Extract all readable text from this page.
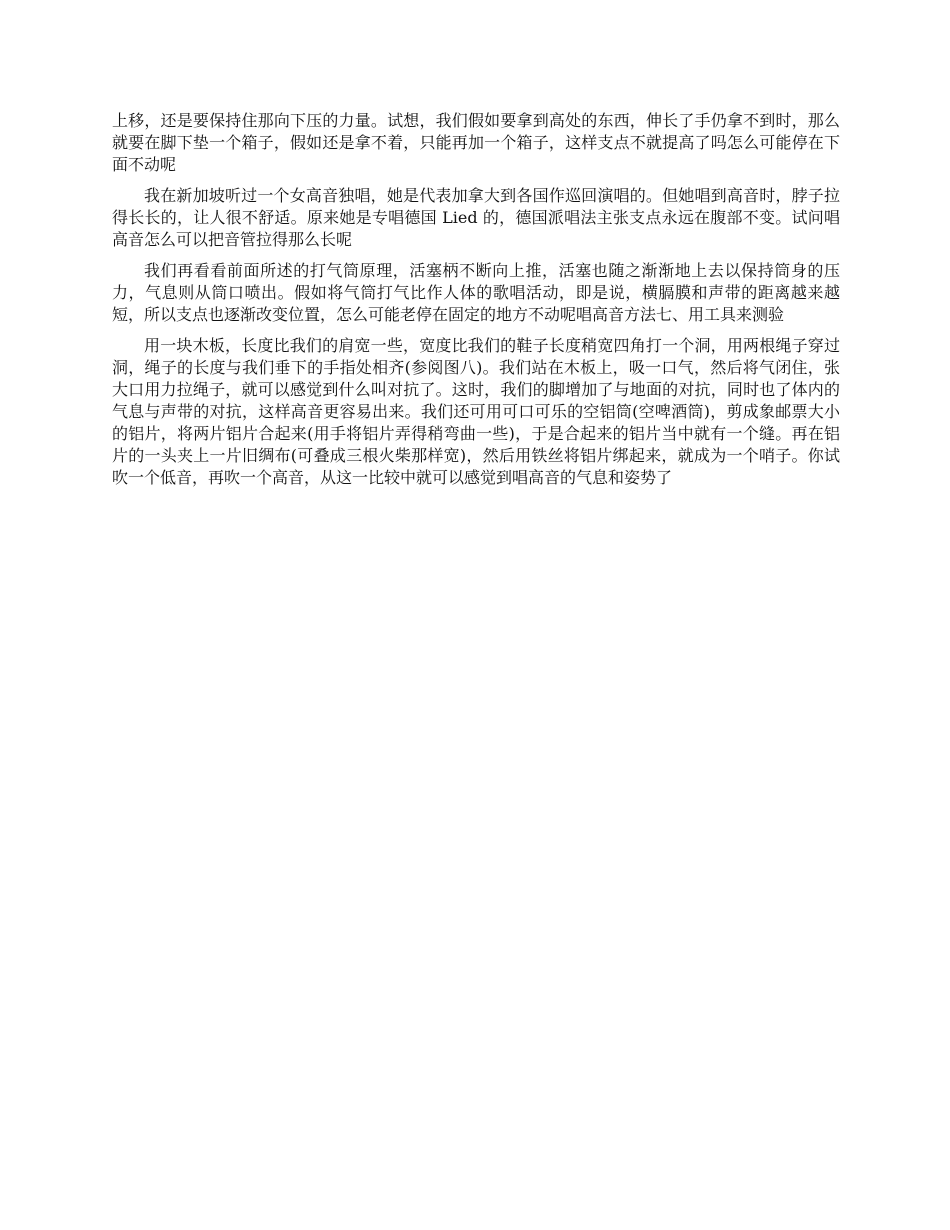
上移，还是要保持住那向下压的力量。试想，我们假如要拿到高处的东西，伸长了手仍拿不到时，那么就要在脚下垫一个箱子，假如还是拿不着，只能再加一个箱子，这样支点不就提高了吗怎么可能停在下面不动呢

我在新加坡听过一个女高音独唱，她是代表加拿大到各国作巡回演唱的。但她唱到高音时，脖子拉得长长的，让人很不舒适。原来她是专唱德国 Lied 的，德国派唱法主张支点永远在腹部不变。试问唱高音怎么可以把音管拉得那么长呢

我们再看看前面所述的打气筒原理，活塞柄不断向上推，活塞也随之渐渐地上去以保持筒身的压力，气息则从筒口喷出。假如将气筒打气比作人体的歌唱活动，即是说，横膈膜和声带的距离越来越短，所以支点也逐渐改变位置，怎么可能老停在固定的地方不动呢唱高音方法七、用工具来测验

用一块木板，长度比我们的肩宽一些，宽度比我们的鞋子长度稍宽四角打一个洞，用两根绳子穿过洞，绳子的长度与我们垂下的手指处相齐(参阅图八)。我们站在木板上，吸一口气，然后将气闭住，张大口用力拉绳子，就可以感觉到什么叫对抗了。这时，我们的脚增加了与地面的对抗，同时也了体内的气息与声带的对抗，这样高音更容易出来。我们还可用可口可乐的空铝筒(空啤酒筒)，剪成象邮票大小的铝片，将两片铝片合起来(用手将铝片弄得稍弯曲一些)，于是合起来的铝片当中就有一个缝。再在铝片的一头夹上一片旧绸布(可叠成三根火柴那样宽)，然后用铁丝将铝片绑起来，就成为一个哨子。你试吹一个低音，再吹一个高音，从这一比较中就可以感觉到唱高音的气息和姿势了
